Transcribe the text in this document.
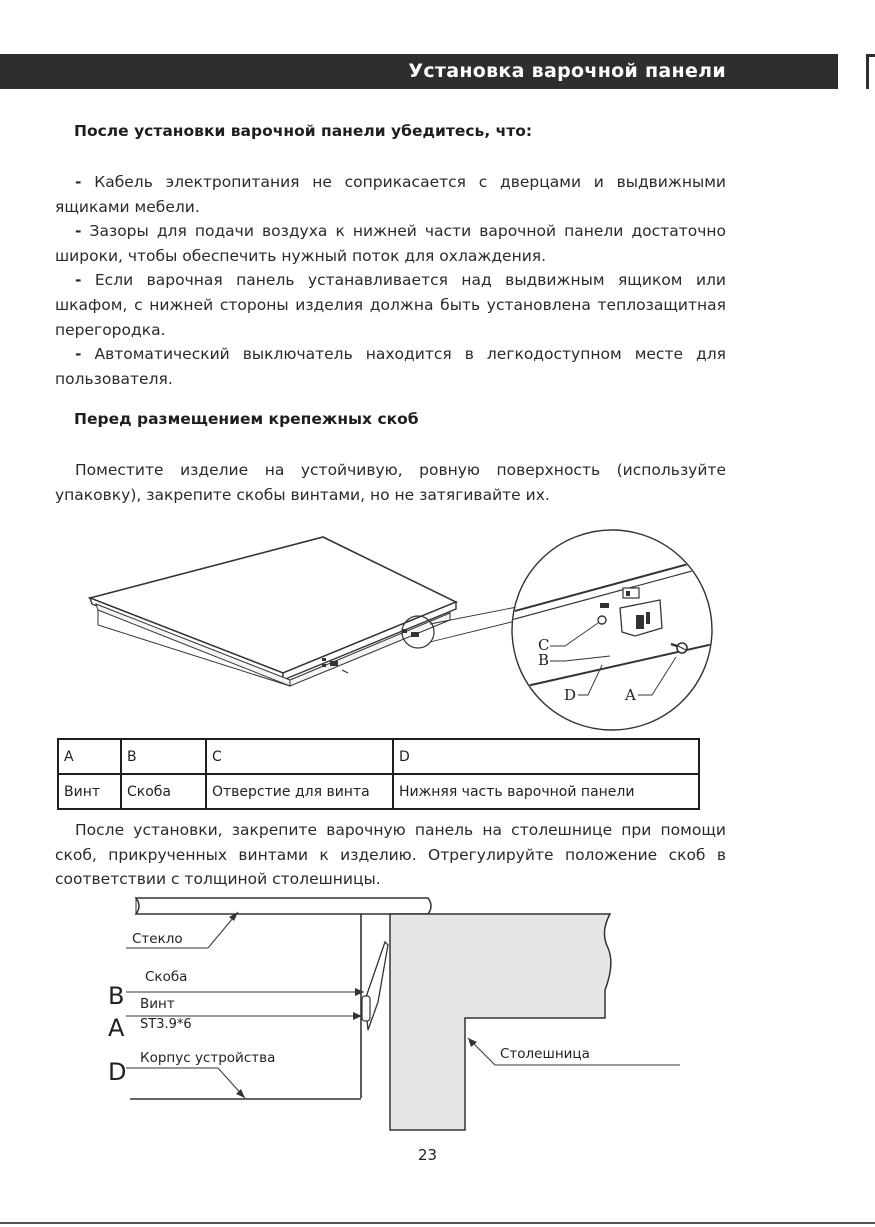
Установка варочной панели
После установки варочной панели убедитесь, что:
- Кабель электропитания не соприкасается с дверцами и выдвижными ящиками мебели.
- Зазоры для подачи воздуха к нижней части варочной панели достаточно широки, чтобы обеспечить нужный поток для охлаждения.
- Если варочная панель устанавливается над выдвижным ящиком или шкафом, с нижней стороны изделия должна быть установлена теплозащитная перегородка.
- Автоматический выключатель находится в легкодоступном месте для пользователя.
Перед размещением крепежных скоб
Поместите изделие на устойчивую, ровную поверхность (используйте упаковку), закрепите скобы винтами, но не затягивайте их.
C
B
D	A
A	B	C	D
Винт	Скоба	Отверстие для винта	Нижняя часть варочной панели
После установки, закрепите варочную панель на столешнице при помощи скоб, прикрученных винтами к изделию. Отрегулируйте положение скоб в соответствии с толщиной столешницы.
Стекло
Скоба
Винт
ST3.9*6
Корпус устройства	Столешница
B
A
D
23
